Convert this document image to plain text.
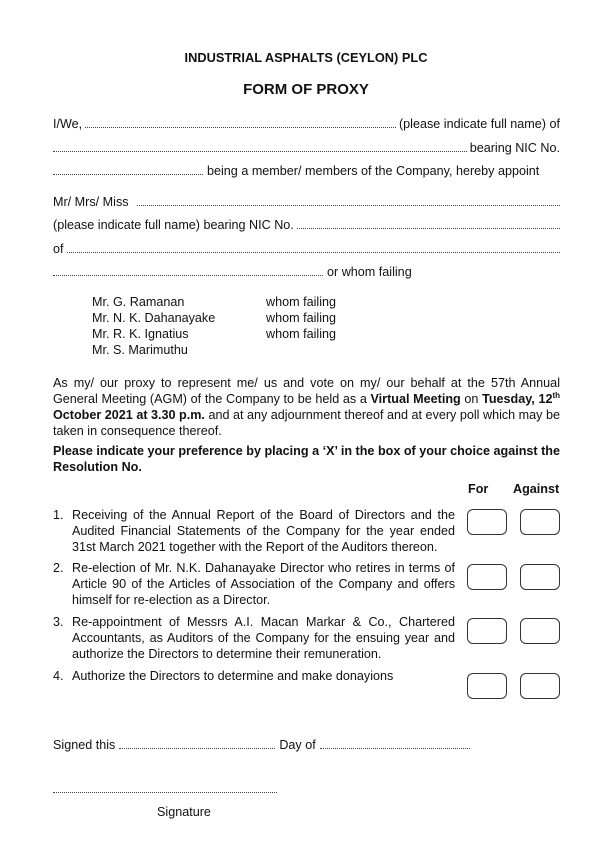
INDUSTRIAL ASPHALTS (CEYLON) PLC
FORM OF PROXY
I/We,	(please indicate full name) of
bearing NIC No.
being a member/ members of the Company, hereby appoint
Mr/ Mrs/ Miss
(please indicate full name) bearing NIC No.
of
or whom failing
Mr. G. Ramanan	whom failing
Mr. N. K. Dahanayake	whom failing
Mr. R. K. Ignatius	whom failing
Mr. S. Marimuthu
As my/ our proxy to represent me/ us and vote on my/ our behalf at the 57th Annual General Meeting (AGM) of the Company to be held as a Virtual Meeting on Tuesday, 12th October 2021 at 3.30 p.m. and at any adjournment thereof and at every poll which may be taken in consequence thereof.
Please indicate your preference by placing a ‘X’ in the box of your choice against the Resolution No.
For Against
1. Receiving of the Annual Report of the Board of Directors and the Audited Financial Statements of the Company for the year ended 31st March 2021 together with the Report of the Auditors thereon.
2. Re-election of Mr. N.K. Dahanayake Director who retires in terms of Article 90 of the Articles of Association of the Company and offers himself for re-election as a Director.
3. Re-appointment of Messrs A.I. Macan Markar & Co., Chartered Accountants, as Auditors of the Company for the ensuing year and authorize the Directors to determine their remuneration.
4. Authorize the Directors to determine and make donayions
Signed this	Day of
Signature
